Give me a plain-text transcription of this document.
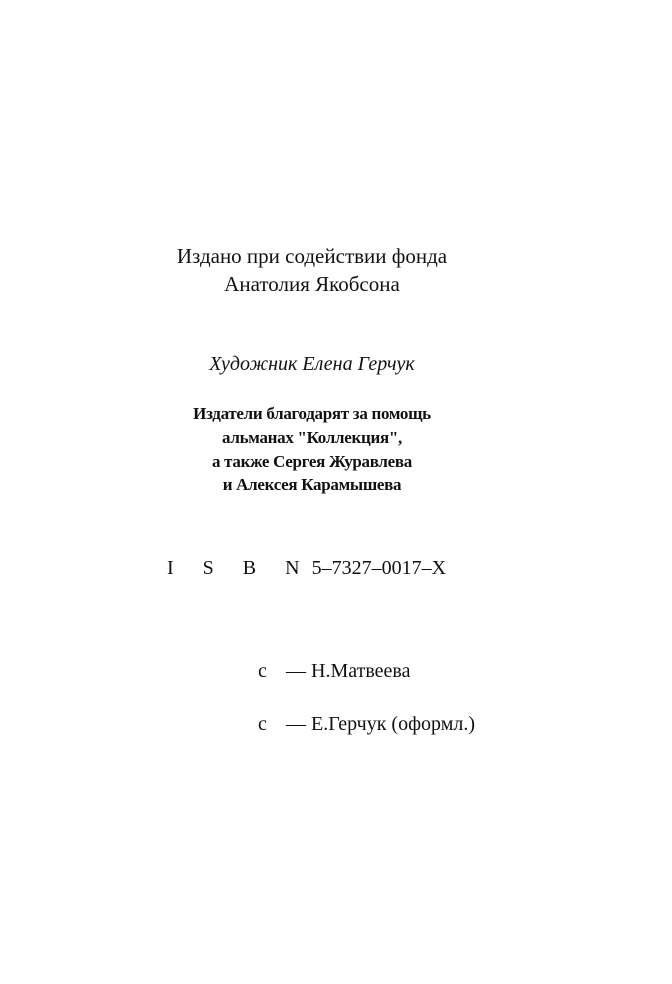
Издано при содействии фонда
Анатолия Якобсона
Художник Елена Герчук
Издатели благодарят за помощь
альманах "Коллекция",
а также Сергея Журавлева
и Алексея Карамышева
I S B N5–7327–0017–X
c — Н.Матвеева
c — Е.Герчук (оформл.)
